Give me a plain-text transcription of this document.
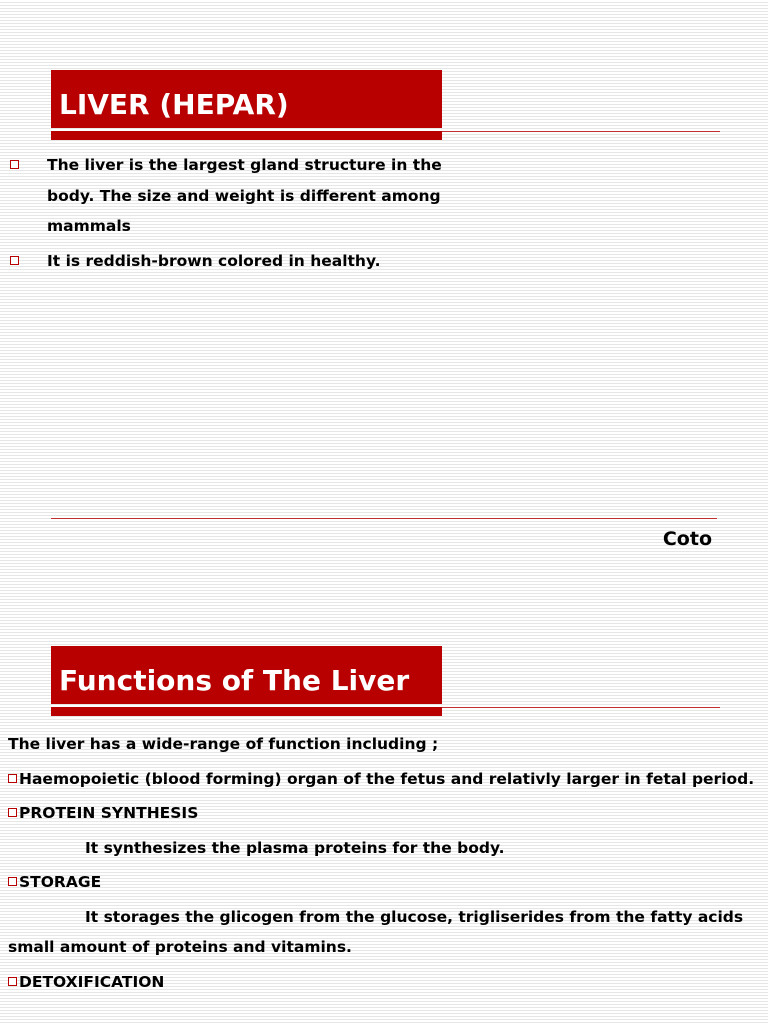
LIVER (HEPAR)
The liver is the largest gland structure in the body. The size and weight is different among mammals
It is reddish-brown colored in healthy.
Coto
Functions of The Liver

The liver has a wide-range of function including ;

Haemopoietic (blood forming) organ of the fetus and relativly larger in fetal period.

PROTEIN SYNTHESIS

It synthesizes the plasma proteins for the body.

STORAGE

It storages the glicogen from the glucose, trigliserides from the fatty acids small amount of proteins and vitamins.

DETOXIFICATION
